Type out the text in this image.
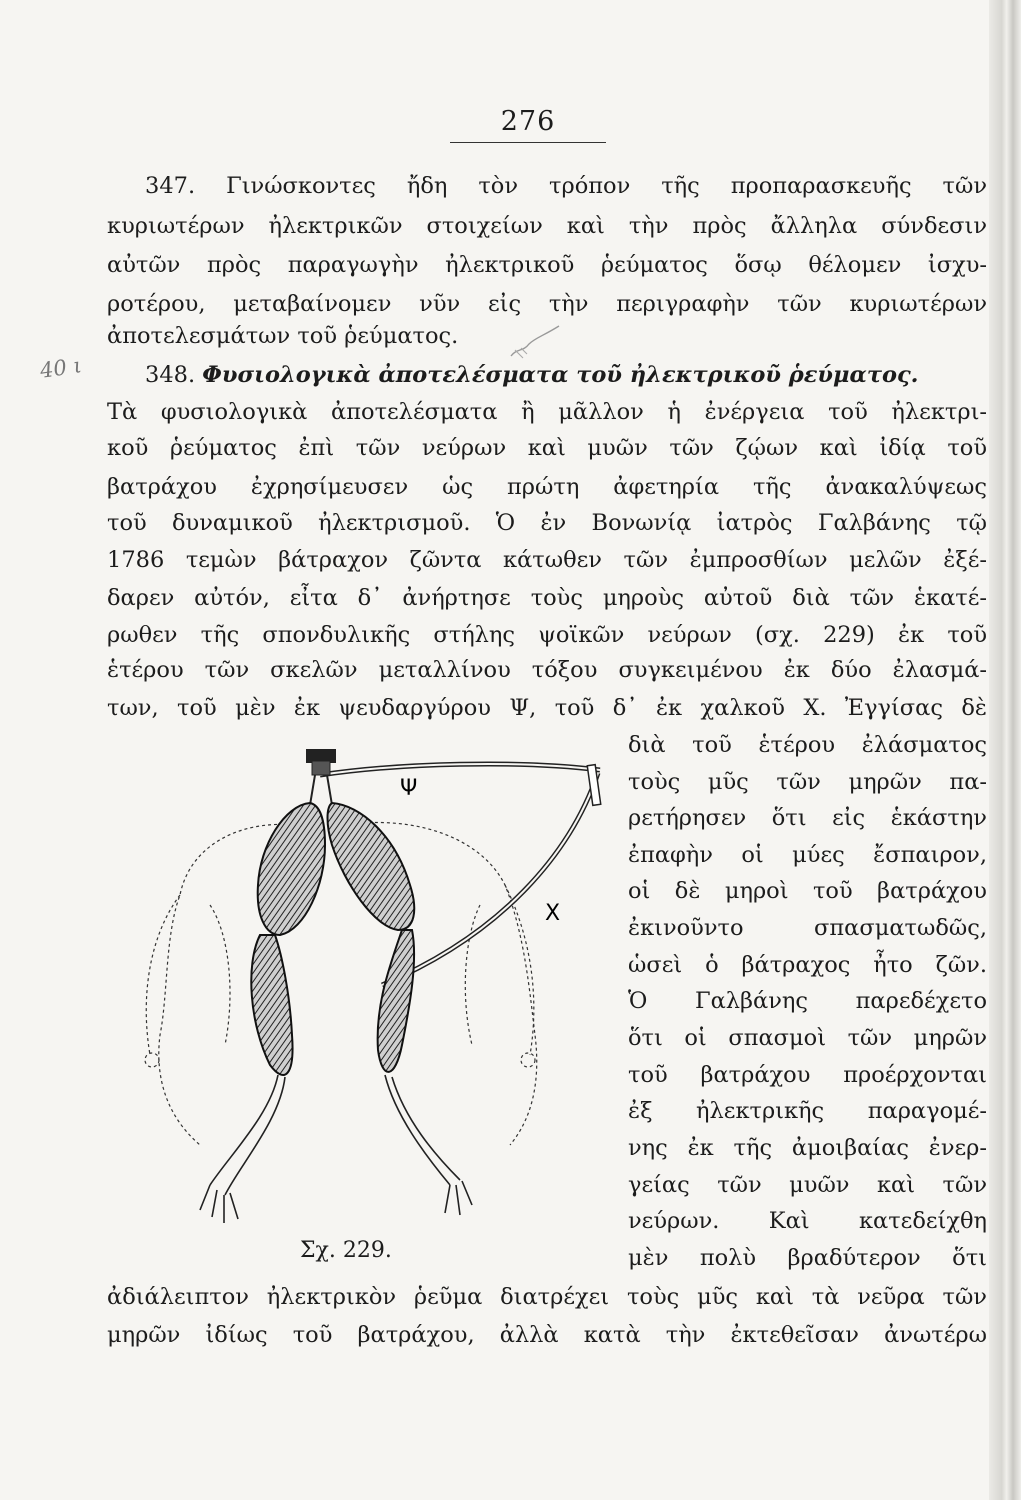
276
347. Γινώσκοντες ἤδη τὸν τρόπον τῆς προπαρασκευῆς τῶν
κυριωτέρων ἠλεκτρικῶν στοιχείων καὶ τὴν πρὸς ἄλληλα σύνδεσιν
αὐτῶν πρὸς παραγωγὴν ἠλεκτρικοῦ ῥεύματος ὅσῳ θέλομεν ἰσχυ-
ροτέρου, μεταβαίνομεν νῦν εἰς τὴν περιγραφὴν τῶν κυριωτέρων
ἀποτελεσμάτων τοῦ ῥεύματος.
40 ι	348. Φυσιολογικὰ ἀποτελέσματα τοῦ ἠλεκτρικοῦ ῥεύματος.
Τὰ φυσιολογικὰ ἀποτελέσματα ἢ μᾶλλον ἡ ἐνέργεια τοῦ ἠλεκτρι-
κοῦ ῥεύματος ἐπὶ τῶν νεύρων καὶ μυῶν τῶν ζῴων καὶ ἰδίᾳ τοῦ
βατράχου ἐχρησίμευσεν ὡς πρώτη ἀφετηρία τῆς ἀνακαλύψεως
τοῦ δυναμικοῦ ἠλεκτρισμοῦ. Ὁ ἐν Βονωνίᾳ ἰατρὸς Γαλβάνης τῷ
1786 τεμὼν βάτραχον ζῶντα κάτωθεν τῶν ἐμπροσθίων μελῶν ἐξέ-
δαρεν αὐτόν, εἶτα δ᾽ ἀνήρτησε τοὺς μηροὺς αὐτοῦ διὰ τῶν ἑκατέ-
ρωθεν τῆς σπονδυλικῆς στήλης ψοϊκῶν νεύρων (σχ. 229) ἐκ τοῦ
ἑτέρου τῶν σκελῶν μεταλλίνου τόξου συγκειμένου ἐκ δύο ἐλασμά-
των, τοῦ μὲν ἐκ ψευδαργύρου Ψ, τοῦ δ᾽ ἐκ χαλκοῦ Χ. Ἐγγίσας δὲ
διὰ τοῦ ἑτέρου ἐλάσματος
τοὺς μῦς τῶν μηρῶν πα-
ρετήρησεν ὅτι εἰς ἑκάστην
ἐπαφὴν οἱ μύες ἔσπαιρον,
οἱ δὲ μηροὶ τοῦ βατράχου
ἐκινοῦντο σπασματωδῶς,
ὡσεὶ ὁ βάτραχος ἦτο ζῶν.
Ὁ Γαλβάνης παρεδέχετο
ὅτι οἱ σπασμοὶ τῶν μηρῶν
τοῦ βατράχου προέρχονται
ἐξ ἠλεκτρικῆς παραγομέ-
νης ἐκ τῆς ἀμοιβαίας ἐνερ-
γείας τῶν μυῶν καὶ τῶν
νεύρων. Καὶ κατεδείχθη
μὲν πολὺ βραδύτερον ὅτι
ἀδιάλειπτον ἠλεκτρικὸν ῥεῦμα διατρέχει τοὺς μῦς καὶ τὰ νεῦρα τῶν
μηρῶν ἰδίως τοῦ βατράχου, ἀλλὰ κατὰ τὴν ἐκτεθεῖσαν ἀνωτέρω
Ψ
X
Σχ. 229.
